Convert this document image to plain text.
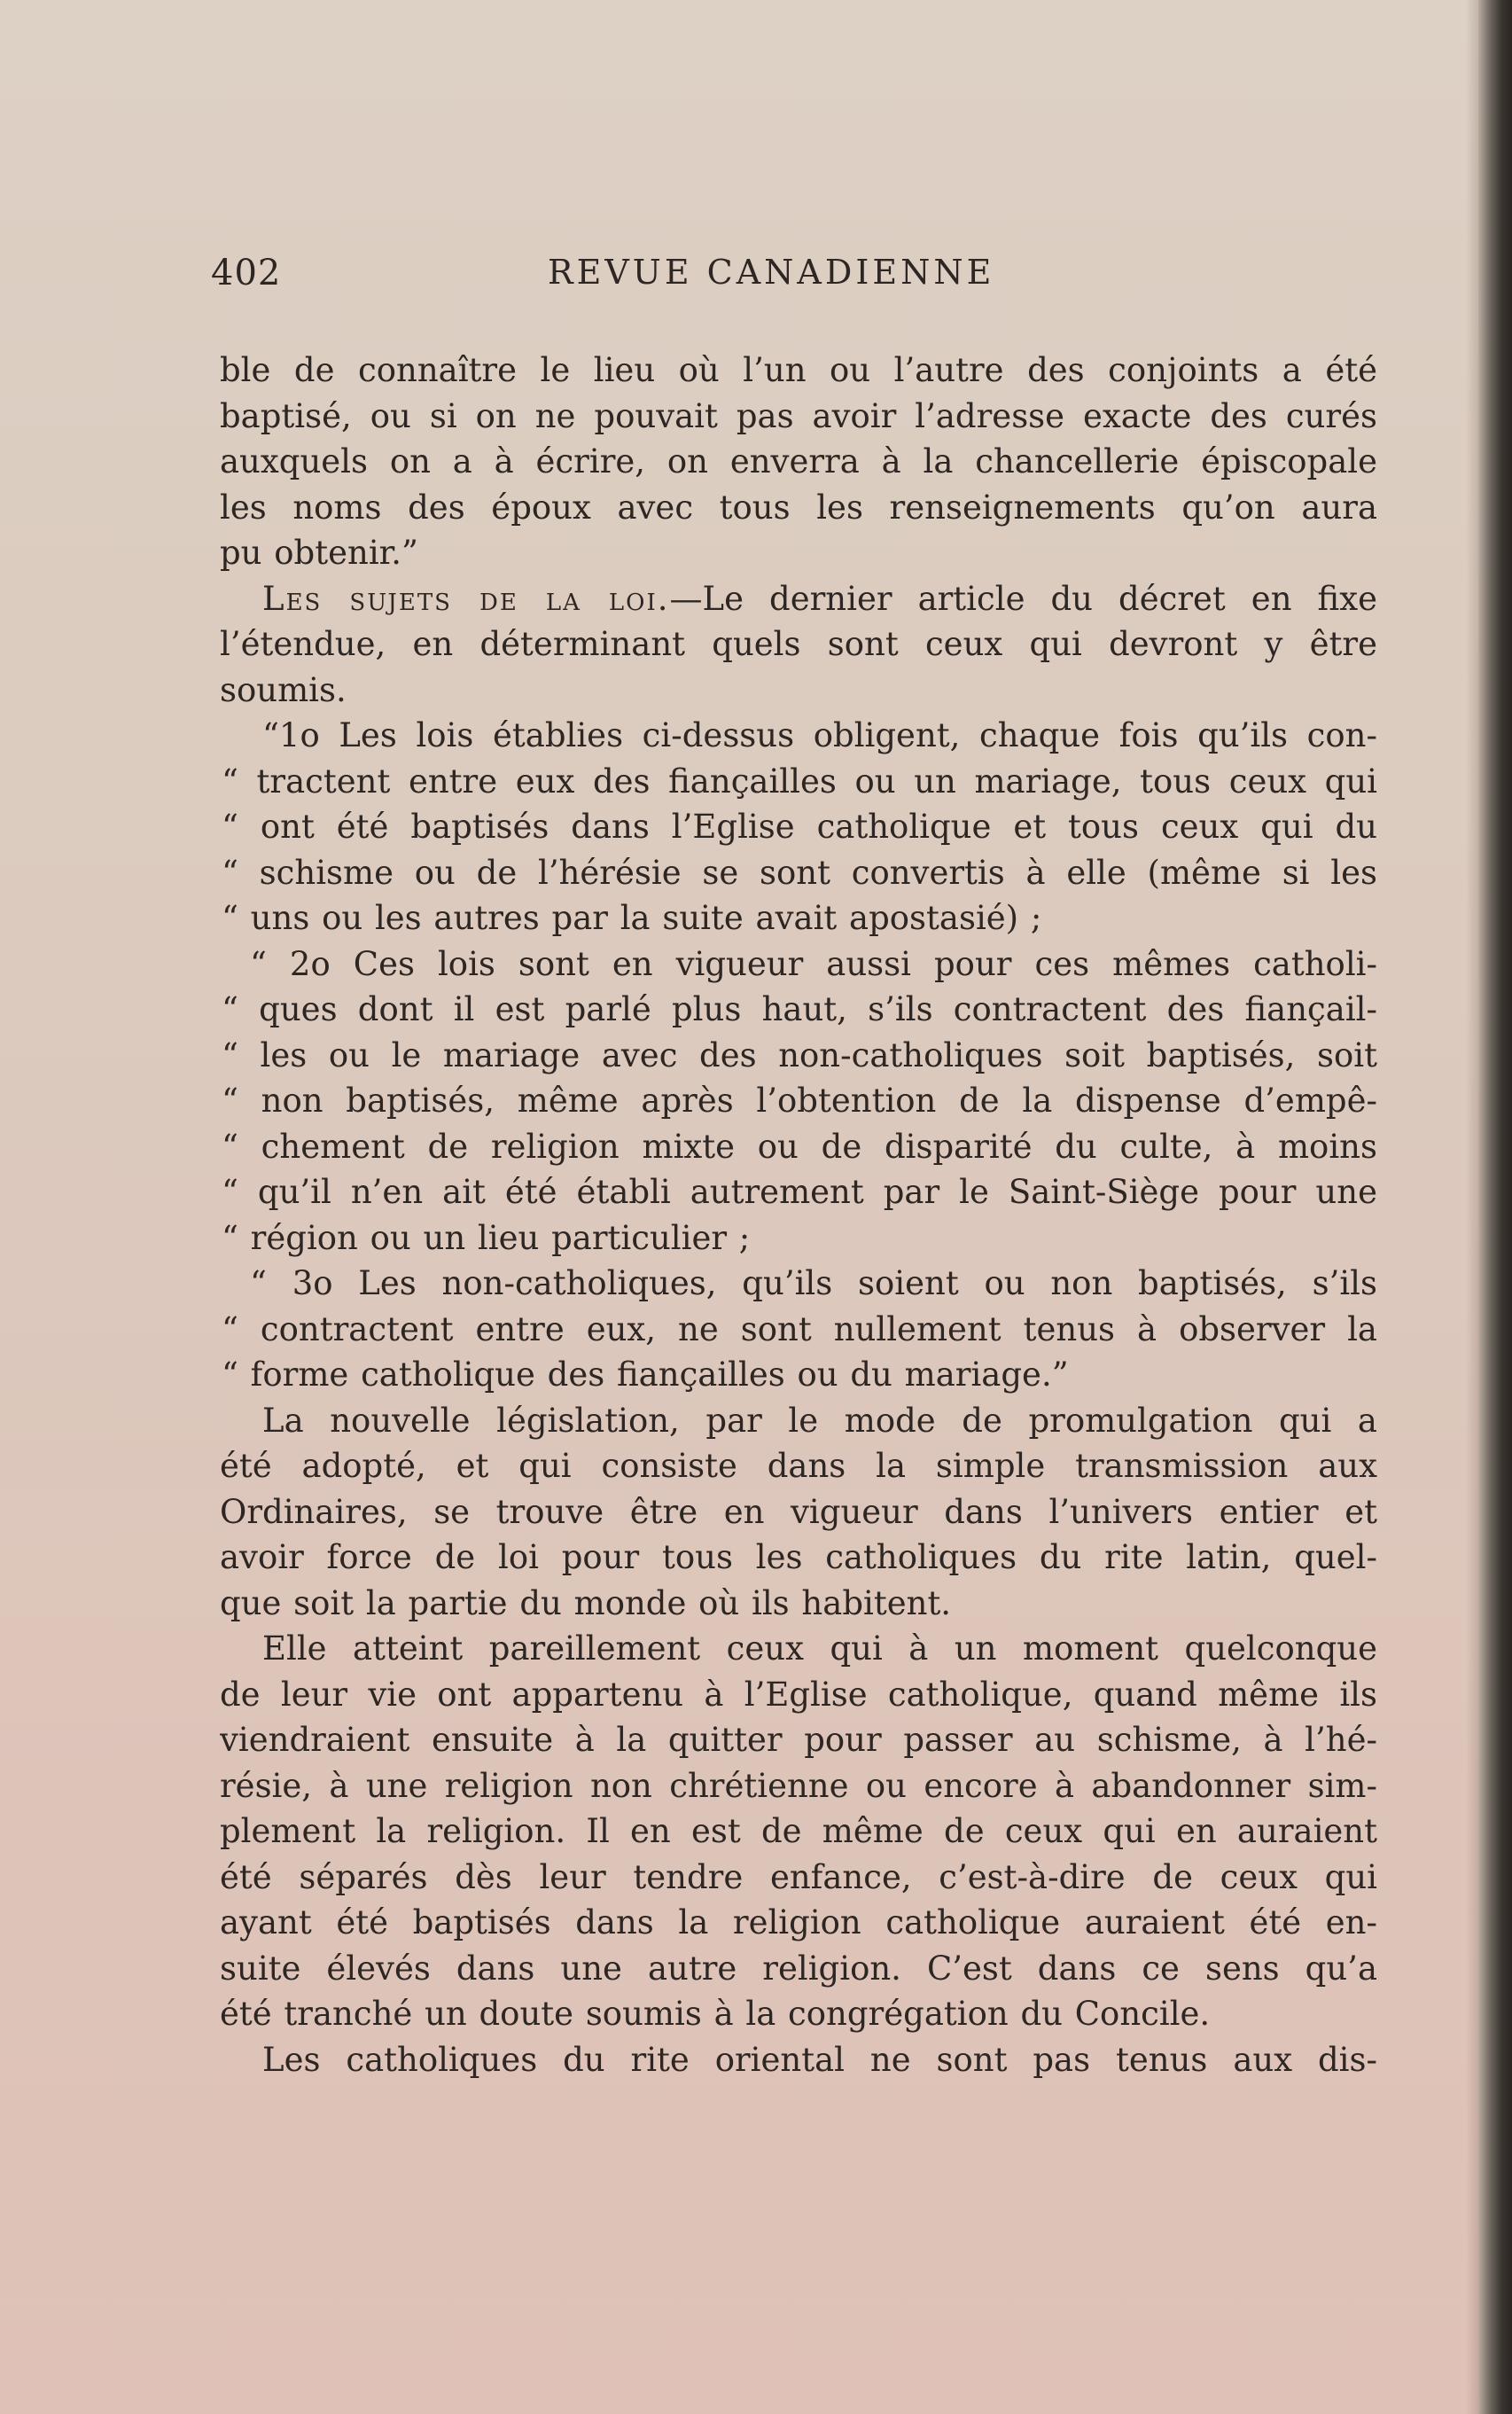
402	REVUE CANADIENNE
ble de connaître le lieu où l’un ou l’autre des conjoints a été
baptisé, ou si on ne pouvait pas avoir l’adresse exacte des curés
auxquels on a à écrire, on enverra à la chancellerie épiscopale
les noms des époux avec tous les renseignements qu’on aura
pu obtenir.”
Les sujets de la loi.—Le dernier article du décret en fixe
l’étendue, en déterminant quels sont ceux qui devront y être
soumis.
“1o Les lois établies ci-dessus obligent, chaque fois qu’ils con-
“ tractent entre eux des fiançailles ou un mariage, tous ceux qui
“ ont été baptisés dans l’Eglise catholique et tous ceux qui du
“ schisme ou de l’hérésie se sont convertis à elle (même si les
“ uns ou les autres par la suite avait apostasié) ;
“ 2o Ces lois sont en vigueur aussi pour ces mêmes catholi-
“ ques dont il est parlé plus haut, s’ils contractent des fiançail-
“ les ou le mariage avec des non-catholiques soit baptisés, soit
“ non baptisés, même après l’obtention de la dispense d’empê-
“ chement de religion mixte ou de disparité du culte, à moins
“ qu’il n’en ait été établi autrement par le Saint-Siège pour une
“ région ou un lieu particulier ;
“ 3o Les non-catholiques, qu’ils soient ou non baptisés, s’ils
“ contractent entre eux, ne sont nullement tenus à observer la
“ forme catholique des fiançailles ou du mariage.”
La nouvelle législation, par le mode de promulgation qui a
été adopté, et qui consiste dans la simple transmission aux
Ordinaires, se trouve être en vigueur dans l’univers entier et
avoir force de loi pour tous les catholiques du rite latin, quel-
que soit la partie du monde où ils habitent.
Elle atteint pareillement ceux qui à un moment quelconque
de leur vie ont appartenu à l’Eglise catholique, quand même ils
viendraient ensuite à la quitter pour passer au schisme, à l’hé-
résie, à une religion non chrétienne ou encore à abandonner sim-
plement la religion. Il en est de même de ceux qui en auraient
été séparés dès leur tendre enfance, c’est-à-dire de ceux qui
ayant été baptisés dans la religion catholique auraient été en-
suite élevés dans une autre religion. C’est dans ce sens qu’a
été tranché un doute soumis à la congrégation du Concile.
Les catholiques du rite oriental ne sont pas tenus aux dis-
